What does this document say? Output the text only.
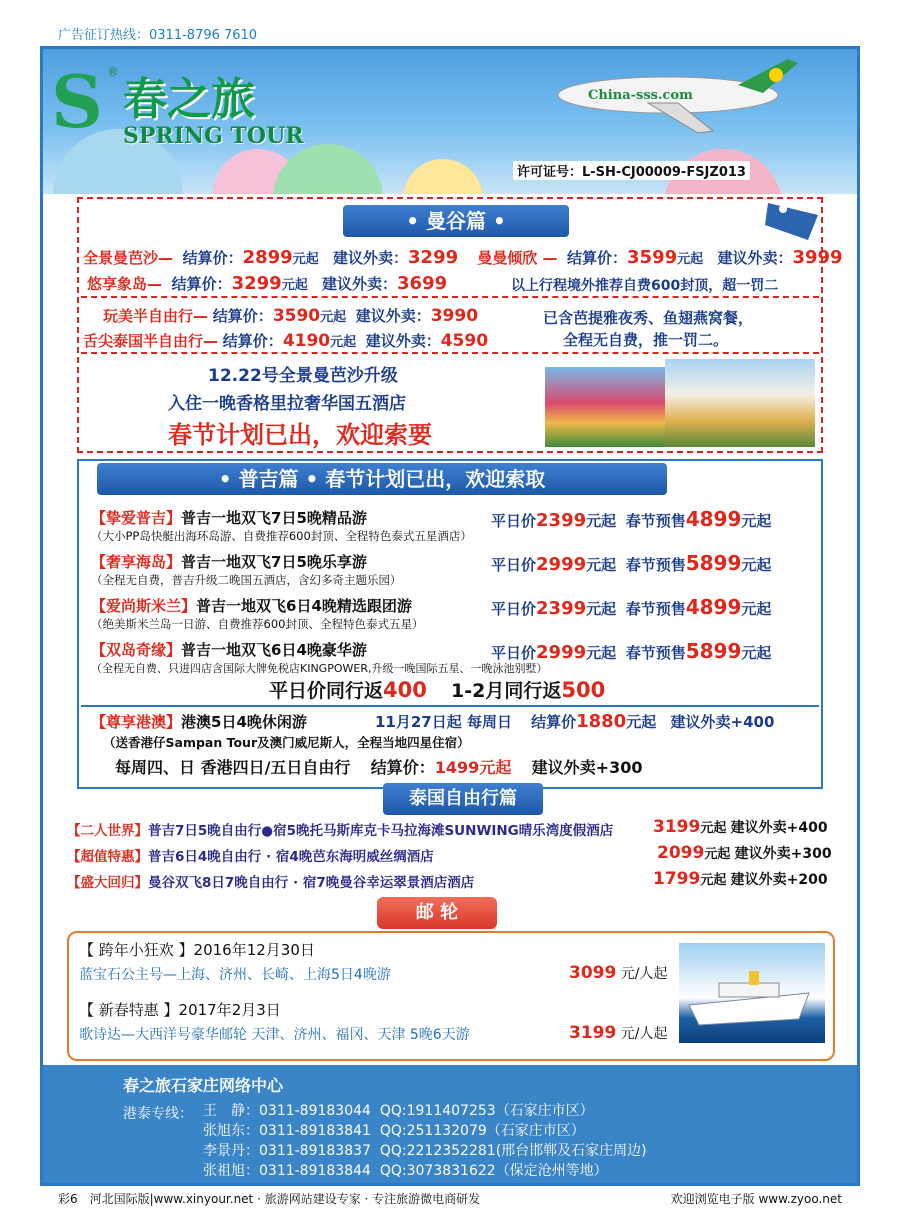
广告征订热线：0311-8796 7610
S ®
春之旅
SPRING TOUR
China-sss.com
许可证号：L-SH-CJ00009-FSJZ013
• 曼谷篇 •
全景曼芭沙— 结算价：2899元起 建议外卖：3299 曼曼倾欣 — 结算价：3599元起 建议外卖：3999
悠享象岛— 结算价：3299元起 建议外卖：3699	以上行程境外推荐自费600封顶，超一罚二
玩美半自由行— 结算价：3590元起 建议外卖：3990
舌尖泰国半自由行— 结算价：4190元起 建议外卖：4590
已含芭提雅夜秀、鱼翅燕窝餐，
全程无自费，推一罚二。
12.22号全景曼芭沙升级
入住一晚香格里拉奢华国五酒店
春节计划已出，欢迎索要
• 普吉篇 • 春节计划已出，欢迎索取
【挚爱普吉】普吉一地双飞7日5晚精品游
（大小PP岛快艇出海环岛游、自费推荐600封顶、全程特色泰式五星酒店）
平日价2399元起 春节预售4899元起
【奢享海岛】普吉一地双飞7日5晚乐享游
（全程无自费，普吉升级二晚国五酒店，含幻多奇主题乐园）
平日价2999元起 春节预售5899元起
【爱尚斯米兰】普吉一地双飞6日4晚精选跟团游
（绝美斯米兰岛一日游、自费推荐600封顶、全程特色泰式五星）
平日价2399元起 春节预售4899元起
【双岛奇缘】普吉一地双飞6日4晚豪华游
（全程无自费、只进四店含国际大牌免税店KINGPOWER,升级一晚国际五星、一晚泳池别墅）
平日价2999元起 春节预售5899元起
平日价同行返400 1-2月同行返500
【尊享港澳】港澳5日4晚休闲游	11月27日起 每周日 结算价1880元起 建议外卖+400
（送香港仔Sampan Tour及澳门威尼斯人，全程当地四星住宿）
每周四、日 香港四日/五日自由行 结算价：1499元起 建议外卖+300
泰国自由行篇
【二人世界】普吉7日5晚自由行●宿5晚托马斯库克卡马拉海滩SUNWING晴乐湾度假酒店 3199元起 建议外卖+400
【超值特惠】普吉6日4晚自由行 · 宿4晚芭东海明威丝绸酒店	2099元起 建议外卖+300
【盛大回归】曼谷双飞8日7晚自由行 · 宿7晚曼谷幸运翠景酒店酒店	1799元起 建议外卖+200
邮 轮
【 跨年小狂欢 】2016年12月30日
蓝宝石公主号—上海、济州、长崎、上海5日4晚游	3099 元/人起
【 新春特惠 】2017年2月3日
歌诗达—大西洋号豪华邮轮 天津、济州、福冈、天津 5晚6天游	3199 元/人起
春之旅石家庄网络中心
港泰专线： 王　静：0311-89183044 QQ:1911407253（石家庄市区）
张旭东：0311-89183841 QQ:251132079（石家庄市区）
李景丹：0311-89183837 QQ:2212352281(邢台邯郸及石家庄周边)
张祖旭：0311-89183844 QQ:3073831622（保定沧州等地）
彩6　河北国际版|www.xinyour.net · 旅游网站建设专家 · 专注旅游微电商研发	欢迎浏览电子版 www.zyoo.net
